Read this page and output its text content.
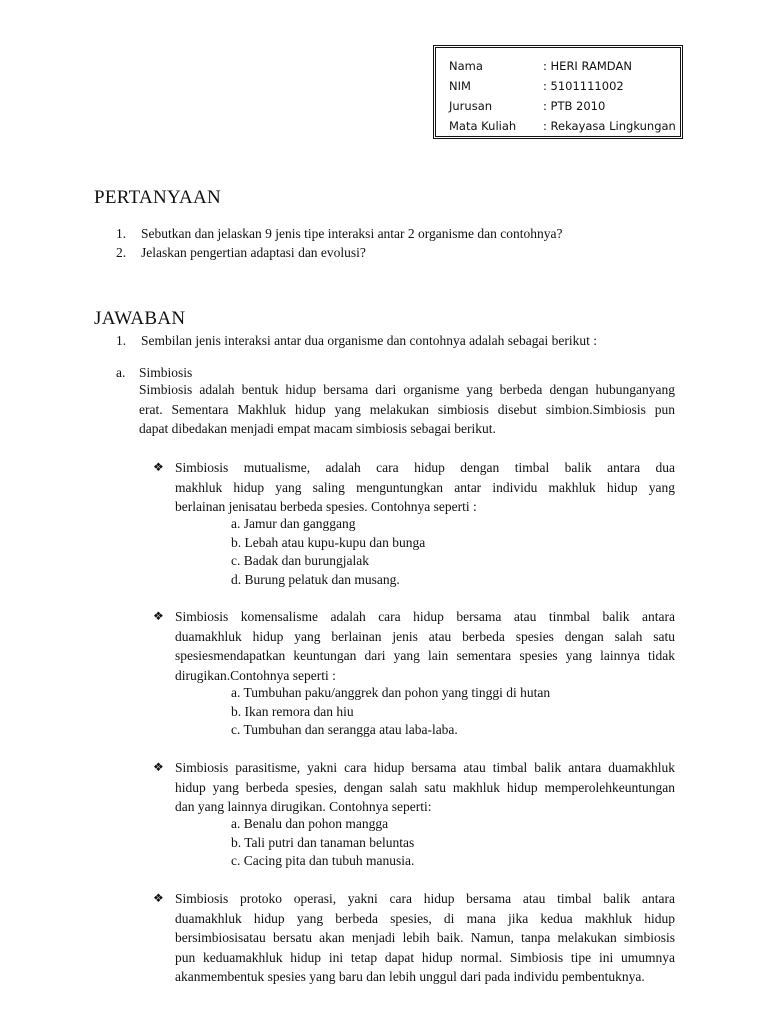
Nama	: HERI RAMDAN
NIM	: 5101111002
Jurusan	: PTB 2010
Mata Kuliah	: Rekayasa Lingkungan
PERTANYAAN
1. Sebutkan dan jelaskan 9 jenis tipe interaksi antar 2 organisme dan contohnya?
2. Jelaskan pengertian adaptasi dan evolusi?
JAWABAN
1. Sembilan jenis interaksi antar dua organisme dan contohnya adalah sebagai berikut :
a. Simbiosis
Simbiosis adalah bentuk hidup bersama dari organisme yang berbeda dengan hubunganyang
erat. Sementara Makhluk hidup yang melakukan simbiosis disebut simbion.Simbiosis pun
dapat dibedakan menjadi empat macam simbiosis sebagai berikut.
❖ Simbiosis mutualisme, adalah cara hidup dengan timbal balik antara dua
makhluk hidup yang saling menguntungkan antar individu makhluk hidup yang
berlainan jenisatau berbeda spesies. Contohnya seperti :
a. Jamur dan ganggang
b. Lebah atau kupu-kupu dan bunga
c. Badak dan burungjalak
d. Burung pelatuk dan musang.
❖ Simbiosis komensalisme adalah cara hidup bersama atau tinmbal balik antara
duamakhluk hidup yang berlainan jenis atau berbeda spesies dengan salah satu
spesiesmendapatkan keuntungan dari yang lain sementara spesies yang lainnya tidak
dirugikan.Contohnya seperti :
a. Tumbuhan paku/anggrek dan pohon yang tinggi di hutan
b. Ikan remora dan hiu
c. Tumbuhan dan serangga atau laba-laba.
❖ Simbiosis parasitisme, yakni cara hidup bersama atau timbal balik antara duamakhluk
hidup yang berbeda spesies, dengan salah satu makhluk hidup memperolehkeuntungan
dan yang lainnya dirugikan. Contohnya seperti:
a. Benalu dan pohon mangga
b. Tali putri dan tanaman beluntas
c. Cacing pita dan tubuh manusia.
❖ Simbiosis protoko operasi, yakni cara hidup bersama atau timbal balik antara
duamakhluk hidup yang berbeda spesies, di mana jika kedua makhluk hidup
bersimbiosisatau bersatu akan menjadi lebih baik. Namun, tanpa melakukan simbiosis
pun keduamakhluk hidup ini tetap dapat hidup normal. Simbiosis tipe ini umumnya
akanmembentuk spesies yang baru dan lebih unggul dari pada individu pembentuknya.
